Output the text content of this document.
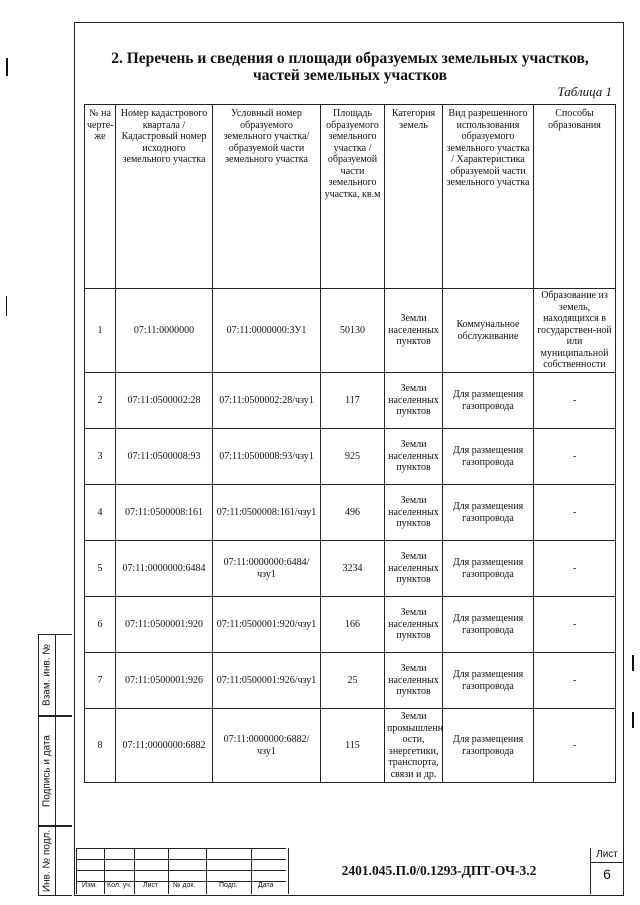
2. Перечень и сведения о площади образуемых земельных участков,
частей земельных участков
Таблица 1
№ на черте-же	Номер кадастрового квартала / Кадастровый номер исходного земельного участка	Условный номер образуемого земельного участка/ образуемой части земельного участка	Площадь образуемого земельного участка / образуемой части земельного участка, кв.м	Категория земель	Вид разрешенного использования образуемого земельного участка / Характеристика образуемой части земельного участка	Способы образования
1	07:11:0000000	07:11:0000000:ЗУ1	50130	Земли населенных пунктов	Коммунальное обслуживание	Образование из земель, находящихся в государствен-ной или муниципальной собственности
2	07:11:0500002:28	07:11:0500002:28/чзу1	117	Земли населенных пунктов	Для размещения газопровода	-
3	07:11:0500008:93	07:11:0500008:93/чзу1	925	Земли населенных пунктов	Для размещения газопровода	-
4	07:11:0500008:161	07:11:0500008:161/чзу1	496	Земли населенных пунктов	Для размещения газопровода	-
5	07:11:0000000:6484	07:11:0000000:6484/чзу1	3234	Земли населенных пунктов	Для размещения газопровода	-
6	07:11:0500001:920	07:11:0500001:920/чзу1	166	Земли населенных пунктов	Для размещения газопровода	-
7	07:11:0500001:926	07:11:0500001:926/чзу1	25	Земли населенных пунктов	Для размещения газопровода	-
8	07:11:0000000:6882	07:11:0000000:6882/чзу1	115	Земли промышленн ости, энергетики, транспорта, связи и др.	Для размещения газопровода	-
Взам. инв. №
Подпись и дата
Инв. № подл.	Изм. Кол. уч. Лист № док.	Подп.	Дата
2401.045.П.0/0.1293-ДПТ-ОЧ-3.2
Лист
6
